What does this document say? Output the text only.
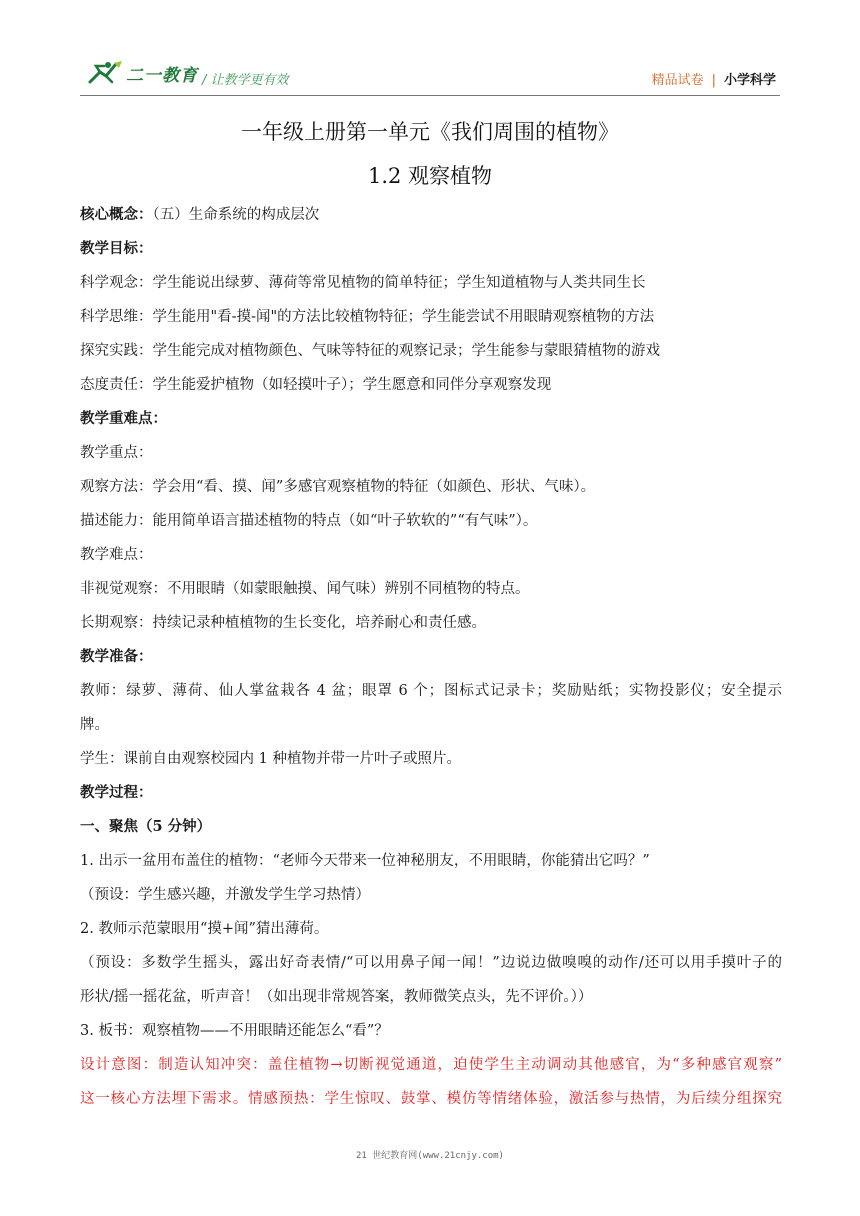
二一教育 / 让教学更有效	精品试卷 | 小学科学
一年级上册第一单元《我们周围的植物》
1.2 观察植物

核心概念：（五）生命系统的构成层次

教学目标：

科学观念：学生能说出绿萝、薄荷等常见植物的简单特征；学生知道植物与人类共同生长

科学思维：学生能用"看-摸-闻"的方法比较植物特征；学生能尝试不用眼睛观察植物的方法

探究实践：学生能完成对植物颜色、气味等特征的观察记录；学生能参与蒙眼猜植物的游戏

态度责任：学生能爱护植物（如轻摸叶子）；学生愿意和同伴分享观察发现

教学重难点：

教学重点：

观察方法：学会用“看、摸、闻”多感官观察植物的特征（如颜色、形状、气味）。

描述能力：能用简单语言描述植物的特点（如“叶子软软的”“有气味”）。

教学难点：

非视觉观察：不用眼睛（如蒙眼触摸、闻气味）辨别不同植物的特点。

长期观察：持续记录种植植物的生长变化，培养耐心和责任感。

教学准备：

教师：绿萝、薄荷、仙人掌盆栽各 4 盆；眼罩 6 个；图标式记录卡；奖励贴纸；实物投影仪；安全提示

牌。

学生：课前自由观察校园内 1 种植物并带一片叶子或照片。

教学过程：

一、聚焦（5 分钟）

1. 出示一盆用布盖住的植物：“老师今天带来一位神秘朋友，不用眼睛，你能猜出它吗？”

（预设：学生感兴趣，并激发学生学习热情）

2. 教师示范蒙眼用“摸+闻”猜出薄荷。

（预设：多数学生摇头，露出好奇表情/“可以用鼻子闻一闻！”边说边做嗅嗅的动作/还可以用手摸叶子的

形状/摇一摇花盆，听声音！（如出现非常规答案，教师微笑点头，先不评价。））

3. 板书：观察植物——不用眼睛还能怎么“看”？

设计意图：制造认知冲突：盖住植物→切断视觉通道，迫使学生主动调动其他感官，为“多种感官观察”

这一核心方法埋下需求。情感预热：学生惊叹、鼓掌、模仿等情绪体验，激活参与热情，为后续分组探究

21 世纪教育网(www.21cnjy.com)
